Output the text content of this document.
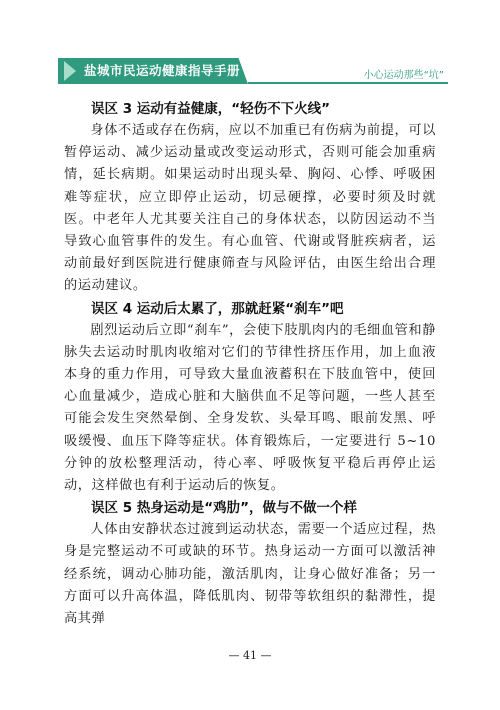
盐城市民运动健康指导手册	小心运动那些“坑”

误区 3 运动有益健康，“轻伤不下火线”

身体不适或存在伤病，应以不加重已有伤病为前提，可以暂停运动、减少运动量或改变运动形式，否则可能会加重病情，延长病期。如果运动时出现头晕、胸闷、心悸、呼吸困难等症状，应立即停止运动，切忌硬撑，必要时须及时就医。中老年人尤其要关注自己的身体状态，以防因运动不当导致心血管事件的发生。有心血管、代谢或肾脏疾病者，运动前最好到医院进行健康筛查与风险评估，由医生给出合理的运动建议。

误区 4 运动后太累了，那就赶紧“刹车”吧

剧烈运动后立即“刹车”，会使下肢肌肉内的毛细血管和静脉失去运动时肌肉收缩对它们的节律性挤压作用，加上血液本身的重力作用，可导致大量血液蓄积在下肢血管中，使回心血量减少，造成心脏和大脑供血不足等问题，一些人甚至可能会发生突然晕倒、全身发软、头晕耳鸣、眼前发黑、呼吸缓慢、血压下降等症状。体育锻炼后，一定要进行 5~10 分钟的放松整理活动，待心率、呼吸恢复平稳后再停止运动，这样做也有利于运动后的恢复。

误区 5 热身运动是“鸡肋”，做与不做一个样

人体由安静状态过渡到运动状态，需要一个适应过程，热身是完整运动不可或缺的环节。热身运动一方面可以激活神经系统，调动心肺功能，激活肌肉，让身心做好准备；另一方面可以升高体温，降低肌肉、韧带等软组织的黏滞性，提高其弹

— 41 —
